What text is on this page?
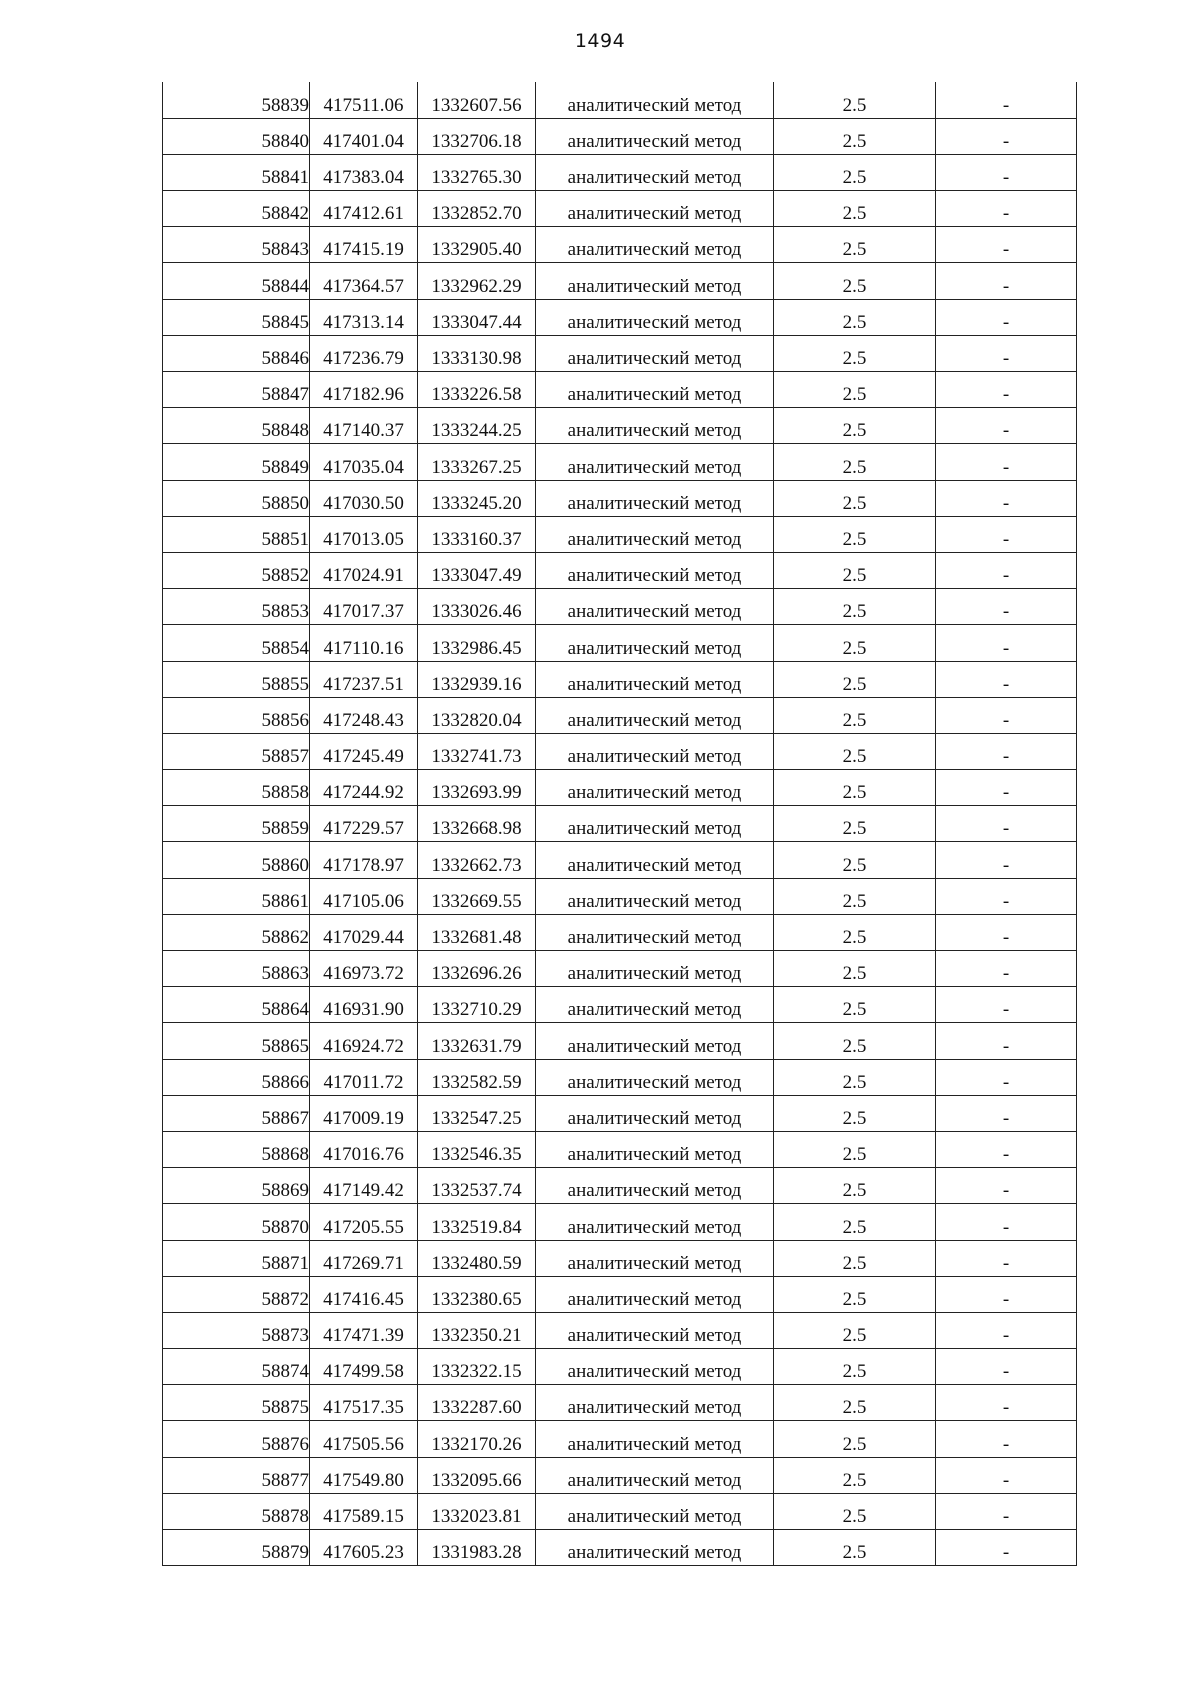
1494
58839	417511.06	1332607.56	аналитический метод	2.5	-
58840	417401.04	1332706.18	аналитический метод	2.5	-
58841	417383.04	1332765.30	аналитический метод	2.5	-
58842	417412.61	1332852.70	аналитический метод	2.5	-
58843	417415.19	1332905.40	аналитический метод	2.5	-
58844	417364.57	1332962.29	аналитический метод	2.5	-
58845	417313.14	1333047.44	аналитический метод	2.5	-
58846	417236.79	1333130.98	аналитический метод	2.5	-
58847	417182.96	1333226.58	аналитический метод	2.5	-
58848	417140.37	1333244.25	аналитический метод	2.5	-
58849	417035.04	1333267.25	аналитический метод	2.5	-
58850	417030.50	1333245.20	аналитический метод	2.5	-
58851	417013.05	1333160.37	аналитический метод	2.5	-
58852	417024.91	1333047.49	аналитический метод	2.5	-
58853	417017.37	1333026.46	аналитический метод	2.5	-
58854	417110.16	1332986.45	аналитический метод	2.5	-
58855	417237.51	1332939.16	аналитический метод	2.5	-
58856	417248.43	1332820.04	аналитический метод	2.5	-
58857	417245.49	1332741.73	аналитический метод	2.5	-
58858	417244.92	1332693.99	аналитический метод	2.5	-
58859	417229.57	1332668.98	аналитический метод	2.5	-
58860	417178.97	1332662.73	аналитический метод	2.5	-
58861	417105.06	1332669.55	аналитический метод	2.5	-
58862	417029.44	1332681.48	аналитический метод	2.5	-
58863	416973.72	1332696.26	аналитический метод	2.5	-
58864	416931.90	1332710.29	аналитический метод	2.5	-
58865	416924.72	1332631.79	аналитический метод	2.5	-
58866	417011.72	1332582.59	аналитический метод	2.5	-
58867	417009.19	1332547.25	аналитический метод	2.5	-
58868	417016.76	1332546.35	аналитический метод	2.5	-
58869	417149.42	1332537.74	аналитический метод	2.5	-
58870	417205.55	1332519.84	аналитический метод	2.5	-
58871	417269.71	1332480.59	аналитический метод	2.5	-
58872	417416.45	1332380.65	аналитический метод	2.5	-
58873	417471.39	1332350.21	аналитический метод	2.5	-
58874	417499.58	1332322.15	аналитический метод	2.5	-
58875	417517.35	1332287.60	аналитический метод	2.5	-
58876	417505.56	1332170.26	аналитический метод	2.5	-
58877	417549.80	1332095.66	аналитический метод	2.5	-
58878	417589.15	1332023.81	аналитический метод	2.5	-
58879	417605.23	1331983.28	аналитический метод	2.5	-
